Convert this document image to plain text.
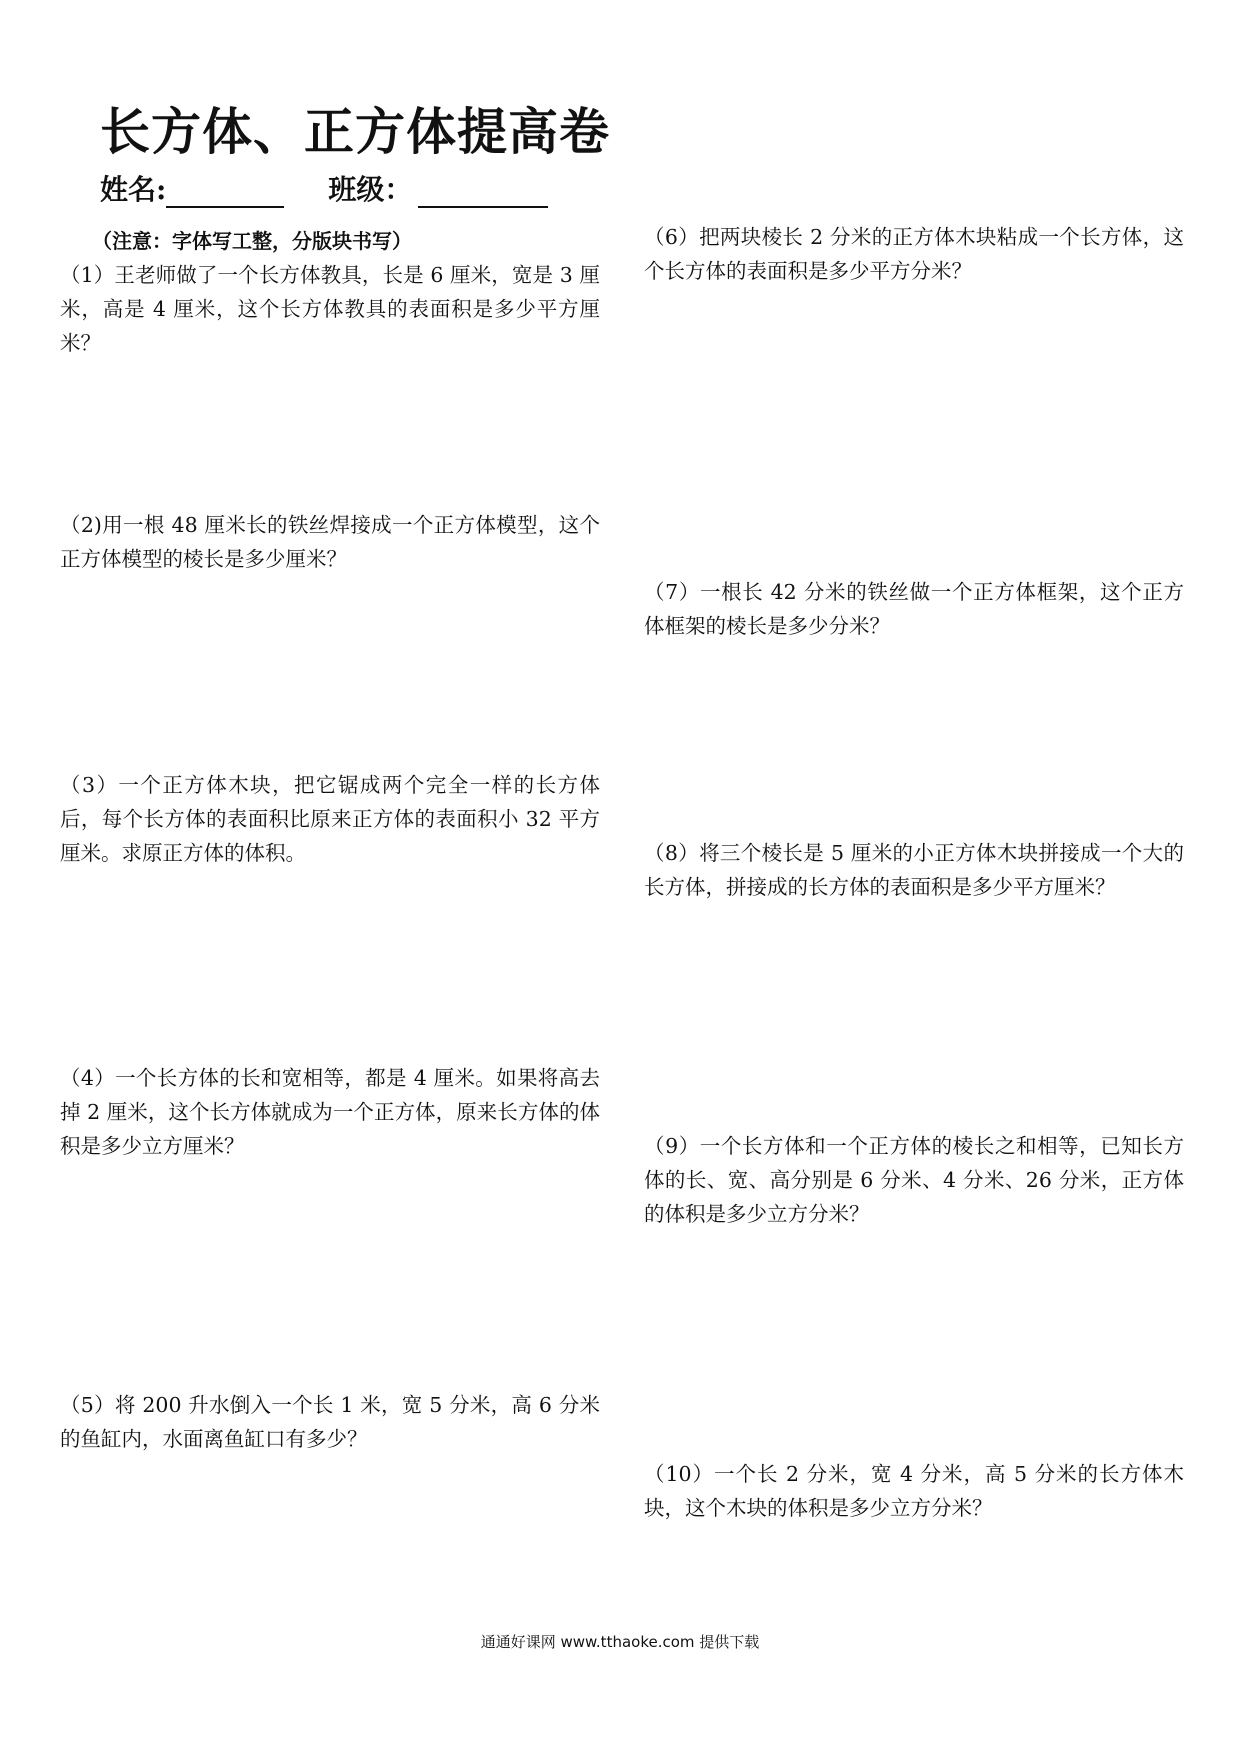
长方体、正方体提高卷
姓名:	班级：
（注意：字体写工整，分版块书写）

（1）王老师做了一个长方体教具，长是 6 厘米，宽是 3 厘米，高是 4 厘米，这个长方体教具的表面积是多少平方厘米？

（2)用一根 48 厘米长的铁丝焊接成一个正方体模型，这个正方体模型的棱长是多少厘米？

（3）一个正方体木块，把它锯成两个完全一样的长方体后，每个长方体的表面积比原来正方体的表面积小 32 平方厘米。求原正方体的体积。

（4）一个长方体的长和宽相等，都是 4 厘米。如果将高去掉 2 厘米，这个长方体就成为一个正方体，原来长方体的体积是多少立方厘米？

（5）将 200 升水倒入一个长 1 米，宽 5 分米，高 6 分米的鱼缸内，水面离鱼缸口有多少？

（6）把两块棱长 2 分米的正方体木块粘成一个长方体，这个长方体的表面积是多少平方分米？

（7）一根长 42 分米的铁丝做一个正方体框架，这个正方体框架的棱长是多少分米？

（8）将三个棱长是 5 厘米的小正方体木块拼接成一个大的长方体，拼接成的长方体的表面积是多少平方厘米？

（9）一个长方体和一个正方体的棱长之和相等，已知长方体的长、宽、高分别是 6 分米、4 分米、26 分米，正方体的体积是多少立方分米？

（10）一个长 2 分米，宽 4 分米，高 5 分米的长方体木块，这个木块的体积是多少立方分米？

通通好课网 www.tthaoke.com 提供下载
